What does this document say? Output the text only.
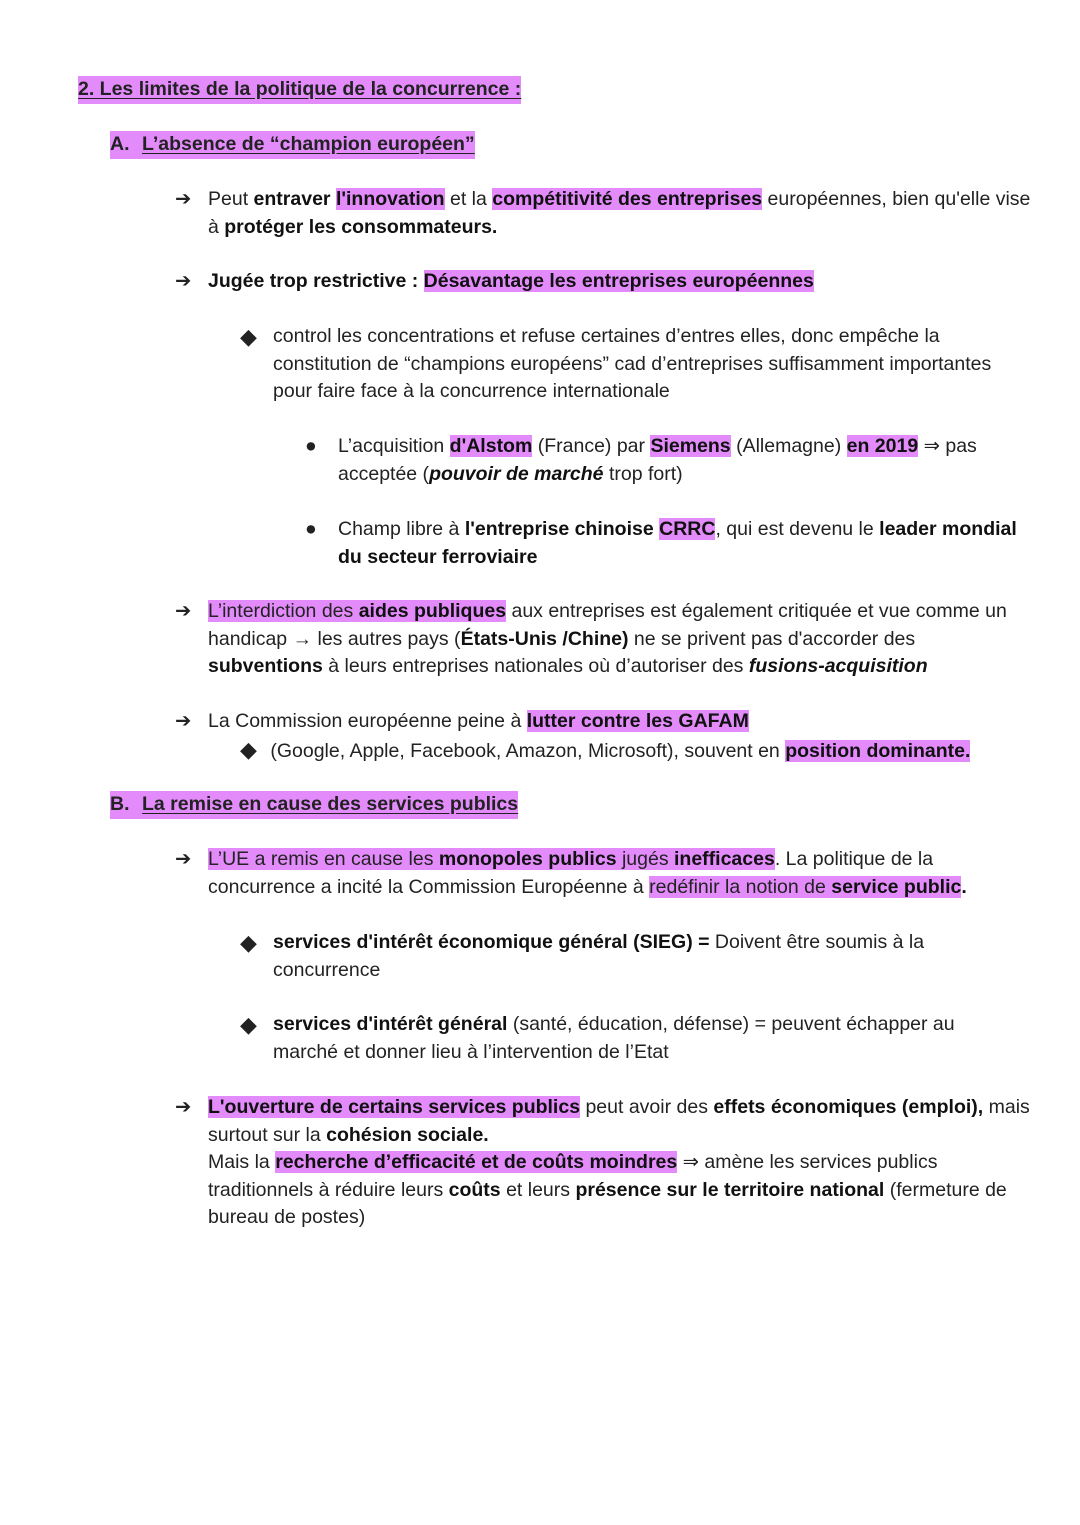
2. Les limites de la politique de la concurrence :
A. L’absence de “champion européen”
➔ Peut entraver l'innovation et la compétitivité des entreprises européennes, bien qu'elle vise à protéger les consommateurs.
➔ Jugée trop restrictive : Désavantage les entreprises européennes
◆ control les concentrations et refuse certaines d’entres elles, donc empêche la constitution de “champions européens” cad d’entreprises suffisamment importantes pour faire face à la concurrence internationale
● L’acquisition d'Alstom (France) par Siemens (Allemagne) en 2019 ⇒ pas acceptée (pouvoir de marché trop fort)
● Champ libre à l'entreprise chinoise CRRC, qui est devenu le leader mondial du secteur ferroviaire
➔ L’interdiction des aides publiques aux entreprises est également critiquée et vue comme un handicap → les autres pays (États-Unis /Chine) ne se privent pas d'accorder des subventions à leurs entreprises nationales où d’autoriser des fusions-acquisition
➔ La Commission européenne peine à lutter contre les GAFAM
◆ (Google, Apple, Facebook, Amazon, Microsoft), souvent en position dominante.
B. La remise en cause des services publics
➔ L’UE a remis en cause les monopoles publics jugés inefficaces. La politique de la concurrence a incité la Commission Européenne à redéfinir la notion de service public.
◆ services d'intérêt économique général (SIEG) = Doivent être soumis à la concurrence
◆ services d'intérêt général (santé, éducation, défense) = peuvent échapper au marché et donner lieu à l’intervention de l’Etat
➔ L'ouverture de certains services publics peut avoir des effets économiques (emploi), mais surtout sur la cohésion sociale.
Mais la recherche d’efficacité et de coûts moindres ⇒ amène les services publics traditionnels à réduire leurs coûts et leurs présence sur le territoire national (fermeture de bureau de postes)
